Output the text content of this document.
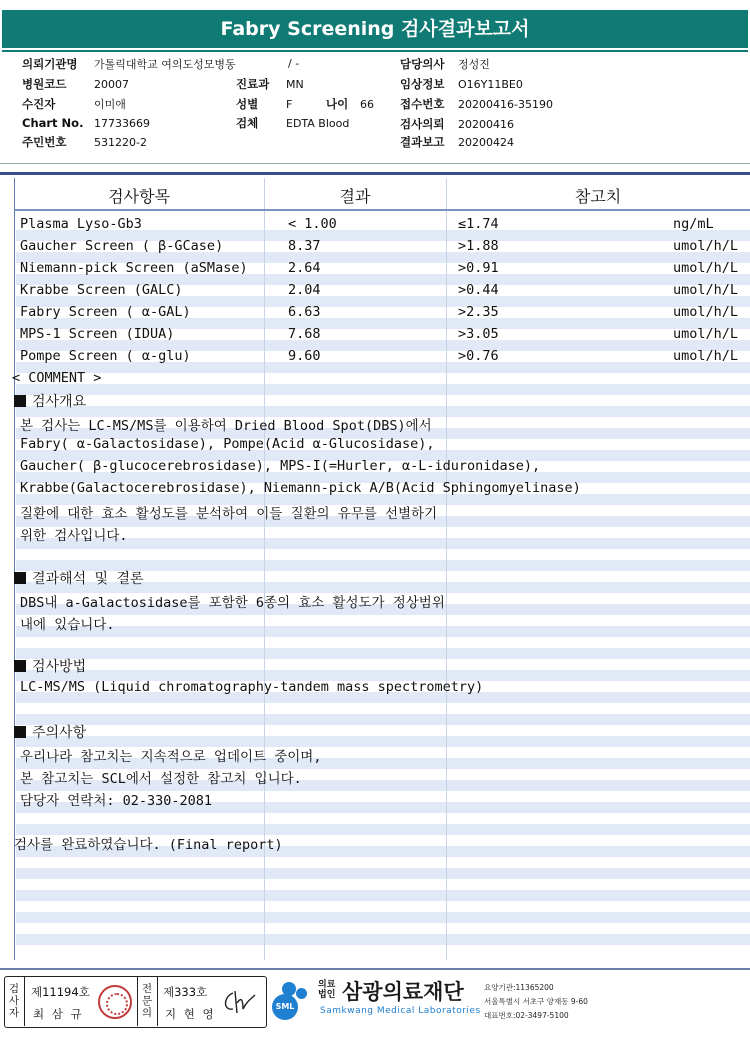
Fabry Screening 검사결과보고서
의뢰기관명 가톨릭대학교 여의도성모병동	/ -
병원코드	20007
수진자	이미애
Chart No. 17733669
주민번호	531220-2
진료과 MN
성별	F	나이 66
검체	EDTA Blood
담당의사 정성진
임상정보 O16Y11BE0
접수번호 20200416-35190
검사의뢰 20200416
결과보고 20200424
검사항목	결과	참고치
Plasma Lyso-Gb3	< 1.00	≤1.74	ng/mL
Gaucher Screen ( β-GCase)	8.37	>1.88	umol/h/L
Niemann-pick Screen (aSMase)	2.64	>0.91	umol/h/L
Krabbe Screen (GALC)	2.04	>0.44	umol/h/L
Fabry Screen ( α-GAL)	6.63	>2.35	umol/h/L
MPS-1 Screen (IDUA)	7.68	>3.05	umol/h/L
Pompe Screen ( α-glu)	9.60	>0.76	umol/h/L
< COMMENT >
검사개요
본 검사는 LC-MS/MS를 이용하여 Dried Blood Spot(DBS)에서
Fabry( α-Galactosidase), Pompe(Acid α-Glucosidase),
Gaucher( β-glucocerebrosidase), MPS-I(=Hurler, α-L-iduronidase),
Krabbe(Galactocerebrosidase), Niemann-pick A/B(Acid Sphingomyelinase)
질환에 대한 효소 활성도를 분석하여 이들 질환의 유무를 선별하기
위한 검사입니다.
결과해석 및 결론
DBS내 a-Galactosidase를 포함한 6종의 효소 활성도가 정상범위
내에 있습니다.
검사방법
LC-MS/MS (Liquid chromatography-tandem mass spectrometry)
주의사항
우리나라 참고치는 지속적으로 업데이트 중이며,
본 참고치는 SCL에서 설정한 참고치 입니다.
담당자 연락처: 02-330-2081
검사를 완료하였습니다. (Final report)
검사자
제11194호
최 삼 규
전문의
제333호
지 현 영
SML
의료법인 삼광의료재단
Samkwang Medical Laboratories
요양기관:11365200
서울특별시 서초구 양재동 9-60
대표번호:02-3497-5100
